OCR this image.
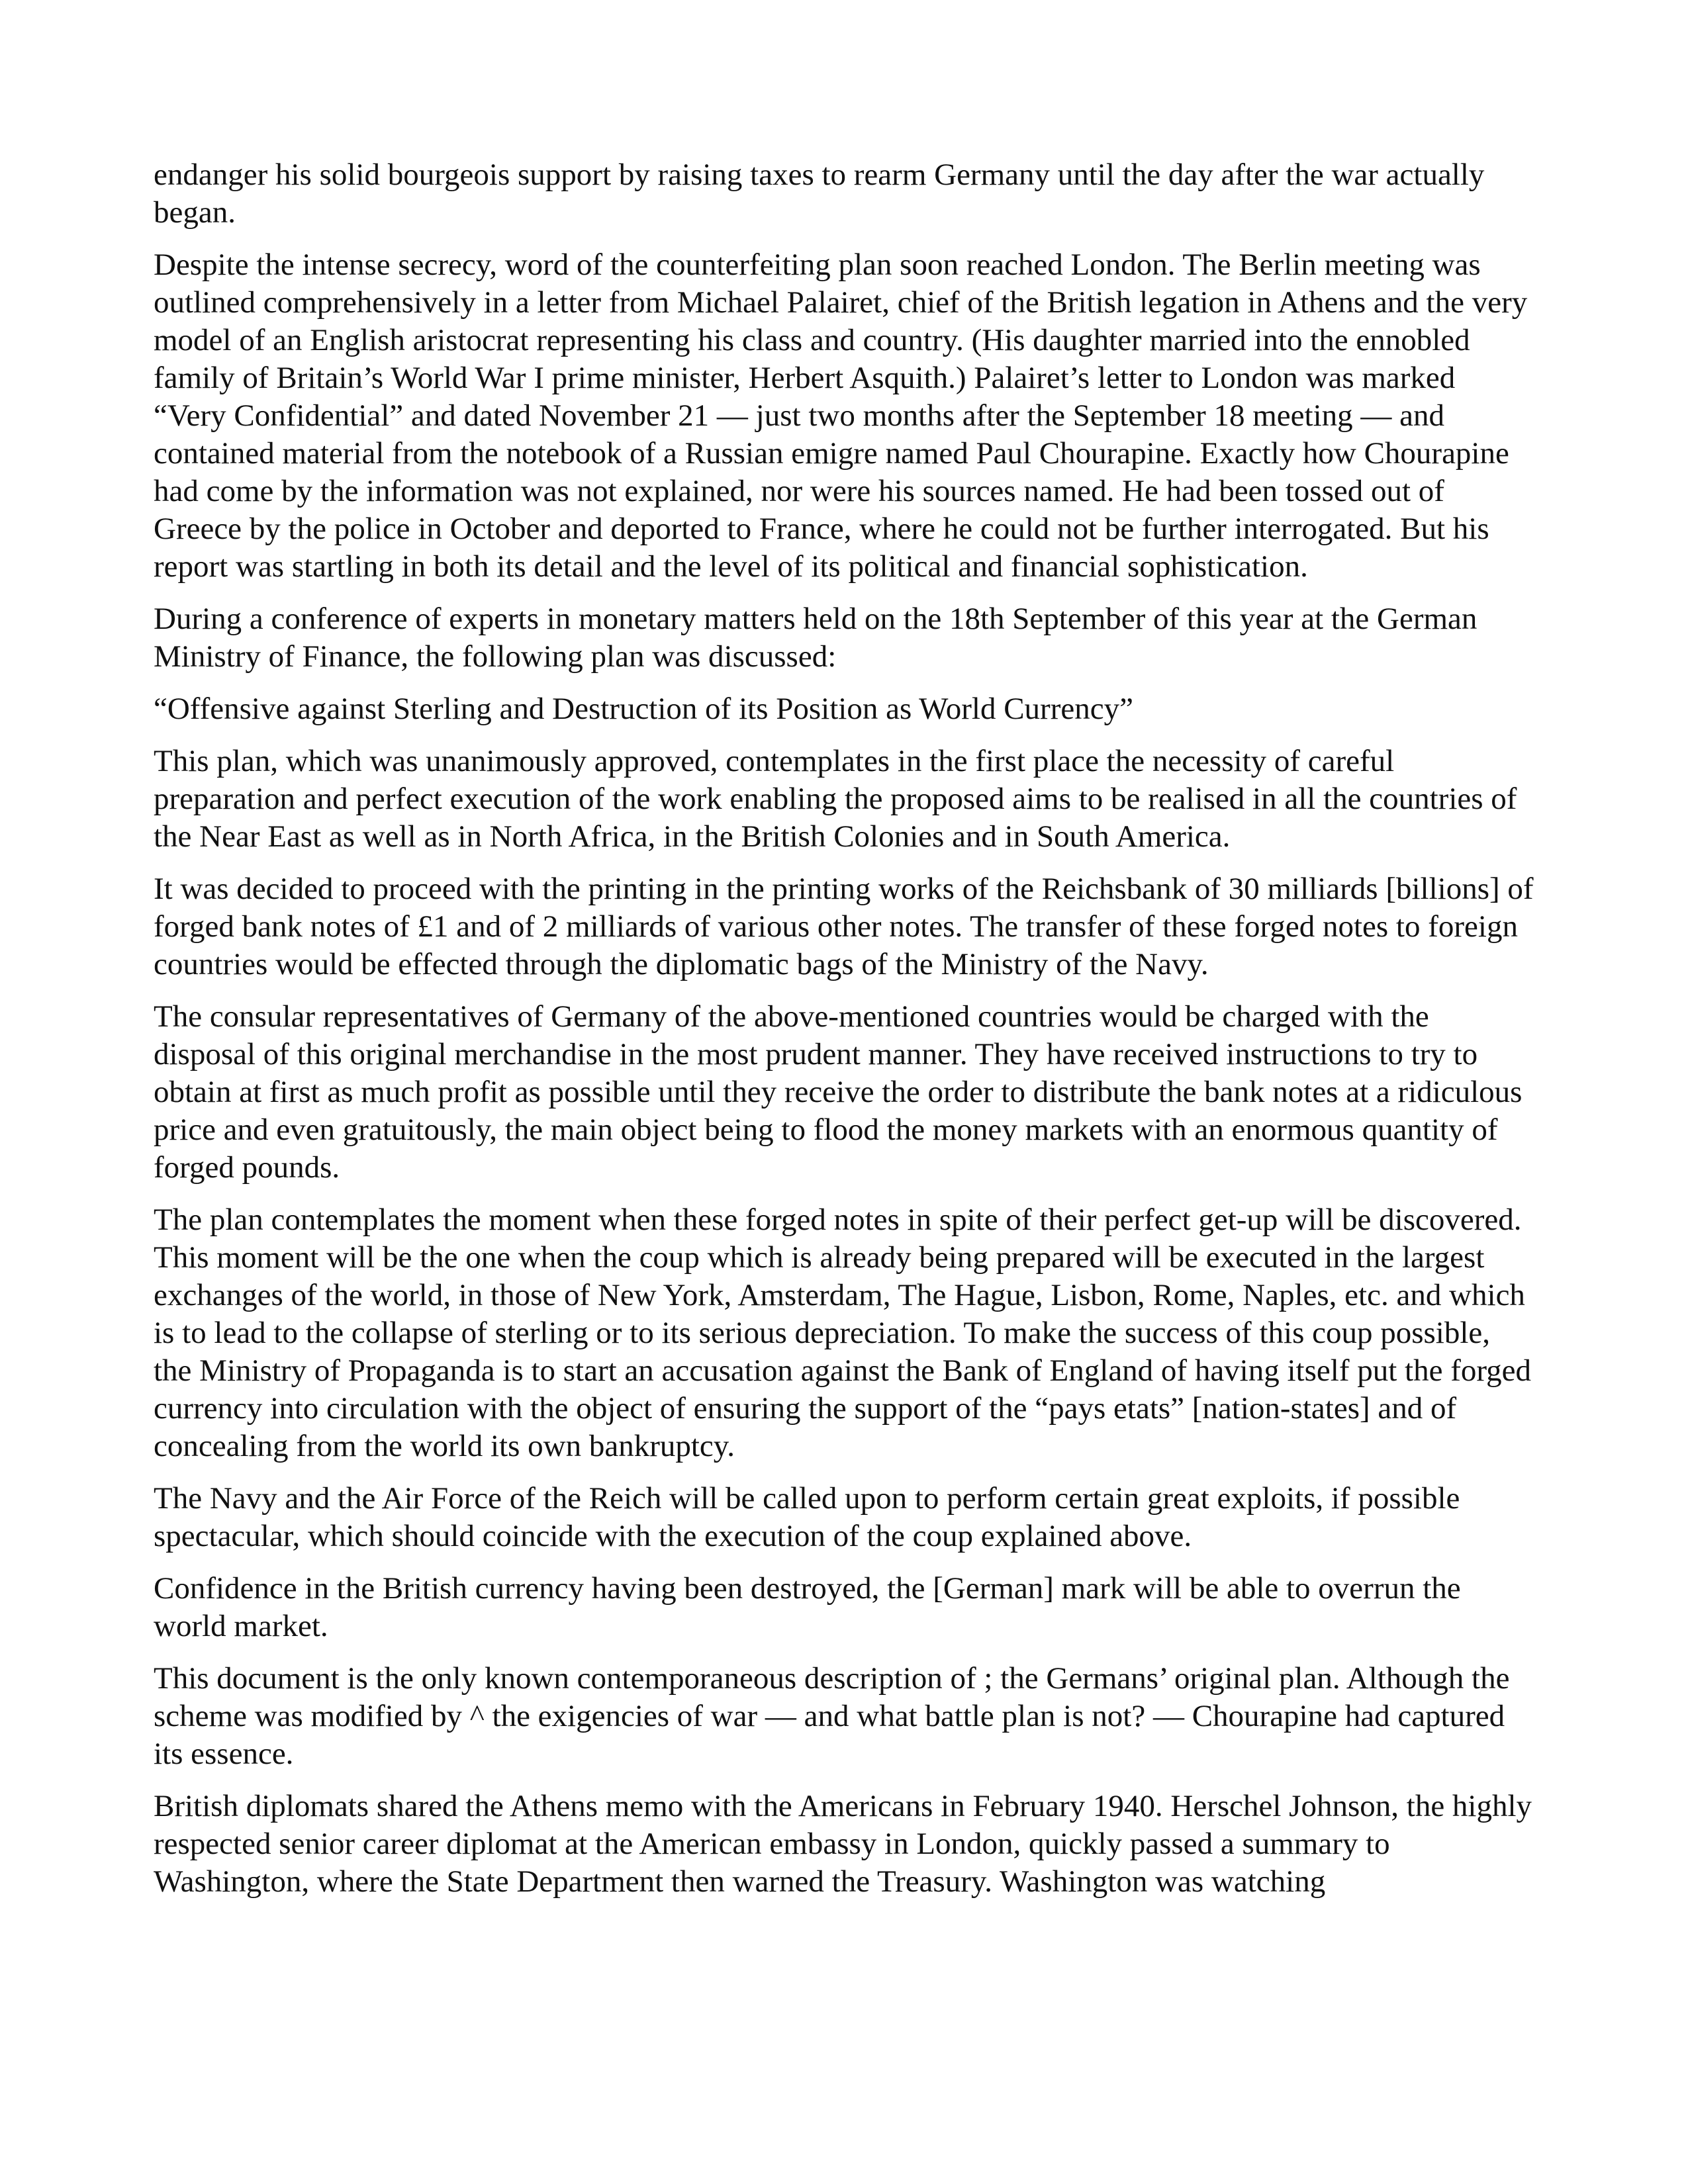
endanger his solid bourgeois support by raising taxes to rearm Germany until the day after the war actually began.

Despite the intense secrecy, word of the counterfeiting plan soon reached London. The Berlin meeting was outlined comprehensively in a letter from Michael Palairet, chief of the British legation in Athens and the very model of an English aristocrat representing his class and country. (His daughter married into the ennobled family of Britain’s World War I prime minister, Herbert Asquith.) Palairet’s letter to London was marked “Very Confidential” and dated November 21 — just two months after the September 18 meeting — and contained material from the notebook of a Russian emigre named Paul Chourapine. Exactly how Chourapine had come by the information was not explained, nor were his sources named. He had been tossed out of Greece by the police in October and deported to France, where he could not be further interrogated. But his report was startling in both its detail and the level of its political and financial sophistication.

During a conference of experts in monetary matters held on the 18th September of this year at the German Ministry of Finance, the following plan was discussed:

“Offensive against Sterling and Destruction of its Position as World Currency”

This plan, which was unanimously approved, contemplates in the first place the necessity of careful preparation and perfect execution of the work enabling the proposed aims to be realised in all the countries of the Near East as well as in North Africa, in the British Colonies and in South America.

It was decided to proceed with the printing in the printing works of the Reichsbank of 30 milliards [billions] of forged bank notes of £1 and of 2 milliards of various other notes. The transfer of these forged notes to foreign countries would be effected through the diplomatic bags of the Ministry of the Navy.

The consular representatives of Germany of the above-mentioned countries would be charged with the disposal of this original merchandise in the most prudent manner. They have received instructions to try to obtain at first as much profit as possible until they receive the order to distribute the bank notes at a ridiculous price and even gratuitously, the main object being to flood the money markets with an enormous quantity of forged pounds.

The plan contemplates the moment when these forged notes in spite of their perfect get-up will be discovered. This moment will be the one when the coup which is already being prepared will be executed in the largest exchanges of the world, in those of New York, Amsterdam, The Hague, Lisbon, Rome, Naples, etc. and which is to lead to the collapse of sterling or to its serious depreciation. To make the success of this coup possible, the Ministry of Propaganda is to start an accusation against the Bank of England of having itself put the forged currency into circulation with the object of ensuring the support of the “pays etats” [nation-states] and of concealing from the world its own bankruptcy.

The Navy and the Air Force of the Reich will be called upon to perform certain great exploits, if possible spectacular, which should coincide with the execution of the coup explained above.

Confidence in the British currency having been destroyed, the [German] mark will be able to overrun the world market.

This document is the only known contemporaneous description of ; the Germans’ original plan. Although the scheme was modified by ^ the exigencies of war — and what battle plan is not? — Chourapine had captured its essence.

British diplomats shared the Athens memo with the Americans in February 1940. Herschel Johnson, the highly respected senior career diplomat at the American embassy in London, quickly passed a summary to Washington, where the State Department then warned the Treasury. Washington was watching
